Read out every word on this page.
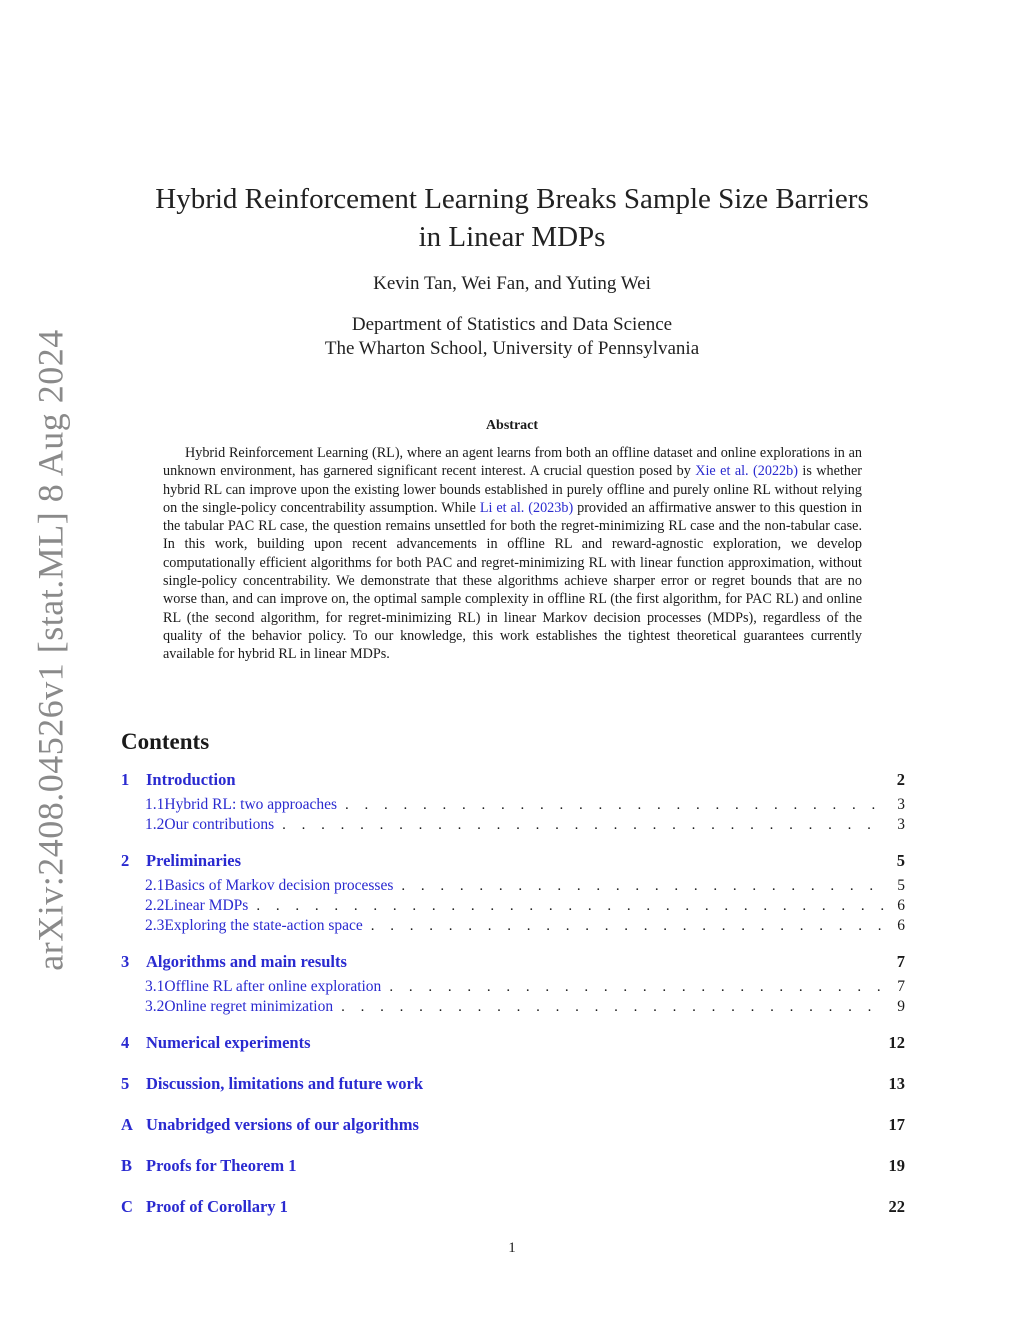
arXiv:2408.04526v1 [stat.ML] 8 Aug 2024
Hybrid Reinforcement Learning Breaks Sample Size Barriers
in Linear MDPs
Kevin Tan, Wei Fan, and Yuting Wei
Department of Statistics and Data Science
The Wharton School, University of Pennsylvania
Abstract

Hybrid Reinforcement Learning (RL), where an agent learns from both an offline dataset and online explorations in an unknown environment, has garnered significant recent interest. A crucial question posed by Xie et al. (2022b) is whether hybrid RL can improve upon the existing lower bounds established in purely offline and purely online RL without relying on the single-policy concentrability assumption. While Li et al. (2023b) provided an affirmative answer to this question in the tabular PAC RL case, the question remains unsettled for both the regret-minimizing RL case and the non-tabular case. In this work, building upon recent advancements in offline RL and reward-agnostic exploration, we develop computationally efficient algorithms for both PAC and regret-minimizing RL with linear function approximation, without single-policy concentrability. We demonstrate that these algorithms achieve sharper error or regret bounds that are no worse than, and can improve on, the optimal sample complexity in offline RL (the first algorithm, for PAC RL) and online RL (the second algorithm, for regret-minimizing RL) in linear Markov decision processes (MDPs), regardless of the quality of the behavior policy. To our knowledge, this work establishes the tightest theoretical guarantees currently available for hybrid RL in linear MDPs.

Contents
1	Introduction	2
1.1 Hybrid RL: two approaches . . .	3
1.2 Our contributions . . .	3
2	Preliminaries	5
2.1 Basics of Markov decision processes . . .	5
2.2 Linear MDPs . . .	6
2.3 Exploring the state-action space . . .	6
3	Algorithms and main results	7
3.1 Offline RL after online exploration . . .	7
3.2 Online regret minimization . . .	9
4	Numerical experiments	12
5	Discussion, limitations and future work	13
A Unabridged versions of our algorithms	17
B Proofs for Theorem 1	19
C Proof of Corollary 1	22
1
